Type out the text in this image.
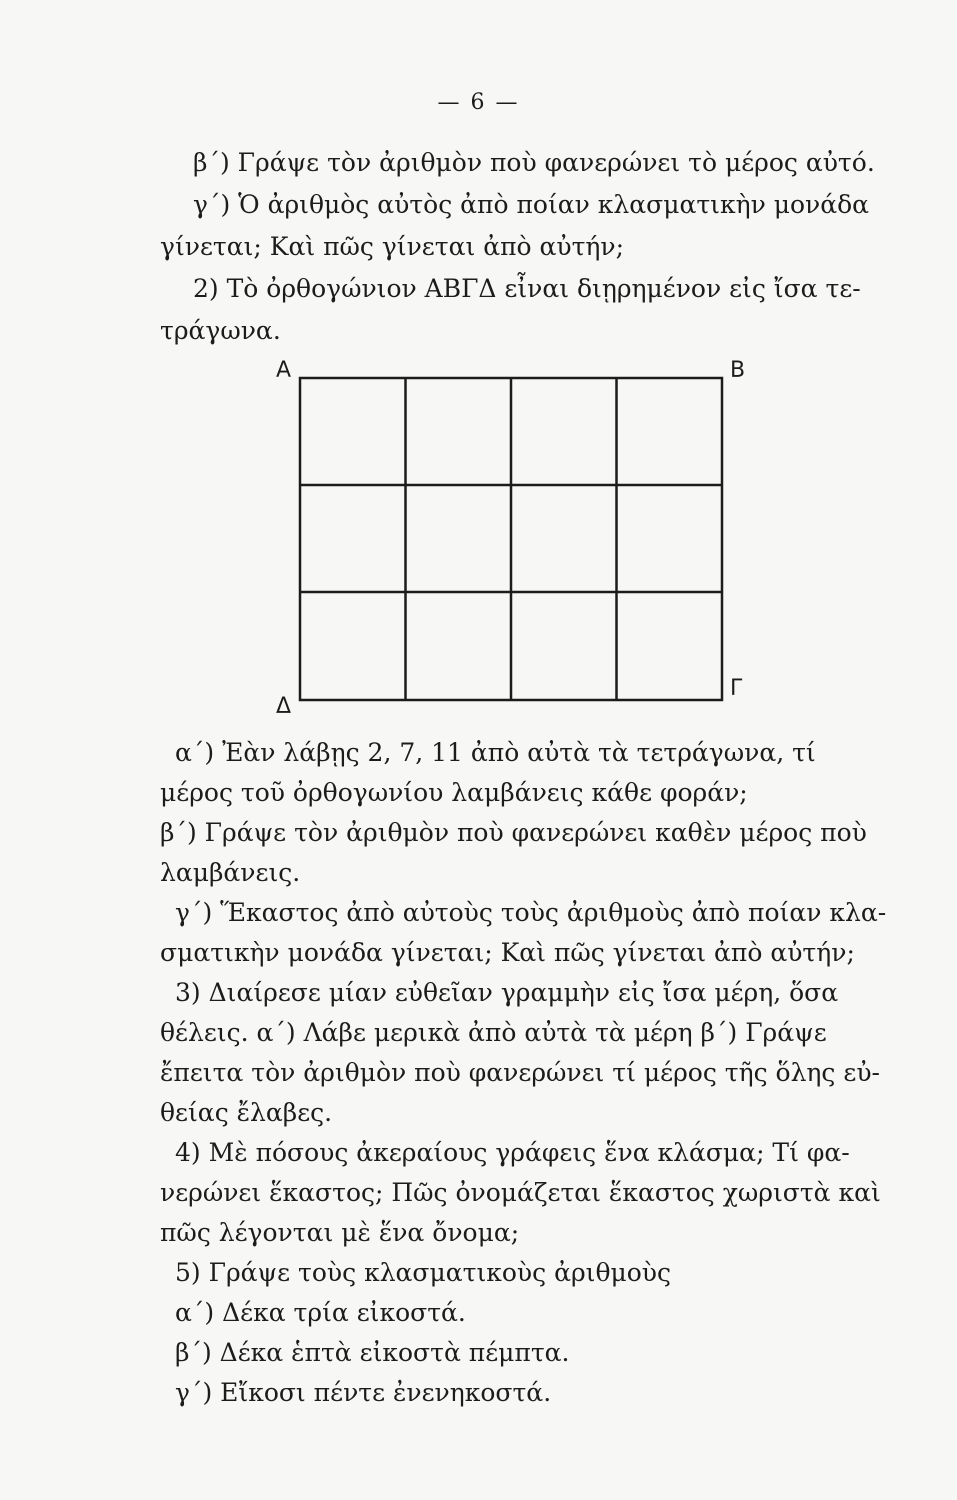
— 6 —
β΄) Γράψε τὸν ἀριθμὸν ποὺ φανερώνει τὸ μέρος αὐτό.
γ΄) Ὁ ἀριθμὸς αὐτὸς ἀπὸ ποίαν κλασματικὴν μονάδα
γίνεται; Καὶ πῶς γίνεται ἀπὸ αὐτήν;
2) Τὸ ὀρθογώνιον ΑΒΓΔ εἶναι διῃρημένον εἰς ἴσα τε-
τράγωνα.
Α	Β
Δ
Γ
α΄) Ἐὰν λάβῃς 2, 7, 11 ἀπὸ αὐτὰ τὰ τετράγωνα, τί
μέρος τοῦ ὀρθογωνίου λαμβάνεις κάθε φοράν;
β΄) Γράψε τὸν ἀριθμὸν ποὺ φανερώνει καθὲν μέρος ποὺ
λαμβάνεις.
γ΄) Ἕκαστος ἀπὸ αὐτοὺς τοὺς ἀριθμοὺς ἀπὸ ποίαν κλα-
σματικὴν μονάδα γίνεται; Καὶ πῶς γίνεται ἀπὸ αὐτήν;
3) Διαίρεσε μίαν εὐθεῖαν γραμμὴν εἰς ἴσα μέρη, ὅσα
θέλεις. α΄) Λάβε μερικὰ ἀπὸ αὐτὰ τὰ μέρη β΄) Γράψε
ἔπειτα τὸν ἀριθμὸν ποὺ φανερώνει τί μέρος τῆς ὅλης εὐ-
θείας ἔλαβες.
4) Μὲ πόσους ἀκεραίους γράφεις ἕνα κλάσμα; Τί φα-
νερώνει ἕκαστος; Πῶς ὀνομάζεται ἕκαστος χωριστὰ καὶ
πῶς λέγονται μὲ ἕνα ὄνομα;
5) Γράψε τοὺς κλασματικοὺς ἀριθμοὺς
α΄) Δέκα τρία εἰκοστά.
β΄) Δέκα ἑπτὰ εἰκοστὰ πέμπτα.
γ΄) Εἴκοσι πέντε ἐνενηκοστά.
